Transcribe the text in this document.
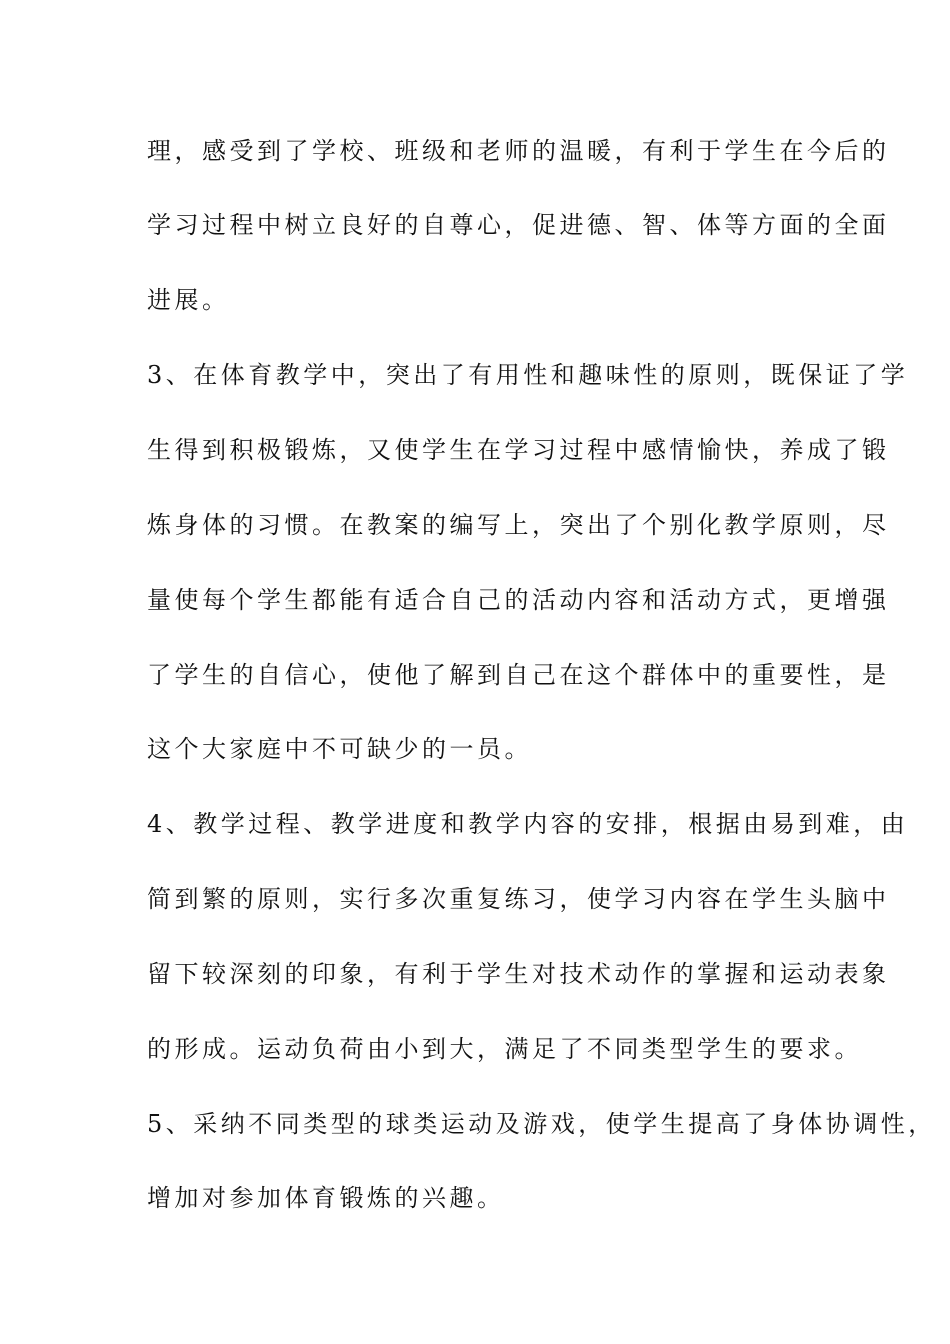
理，感受到了学校、班级和老师的温暖，有利于学生在今后的
学习过程中树立良好的自尊心，促进德、智、体等方面的全面
进展。
3、在体育教学中，突出了有用性和趣味性的原则，既保证了学
生得到积极锻炼，又使学生在学习过程中感情愉快，养成了锻
炼身体的习惯。在教案的编写上，突出了个别化教学原则，尽
量使每个学生都能有适合自己的活动内容和活动方式，更增强
了学生的自信心，使他了解到自己在这个群体中的重要性，是
这个大家庭中不可缺少的一员。
4、教学过程、教学进度和教学内容的安排，根据由易到难，由
简到繁的原则，实行多次重复练习，使学习内容在学生头脑中
留下较深刻的印象，有利于学生对技术动作的掌握和运动表象
的形成。运动负荷由小到大，满足了不同类型学生的要求。
5、采纳不同类型的球类运动及游戏，使学生提高了身体协调性，
增加对参加体育锻炼的兴趣。
